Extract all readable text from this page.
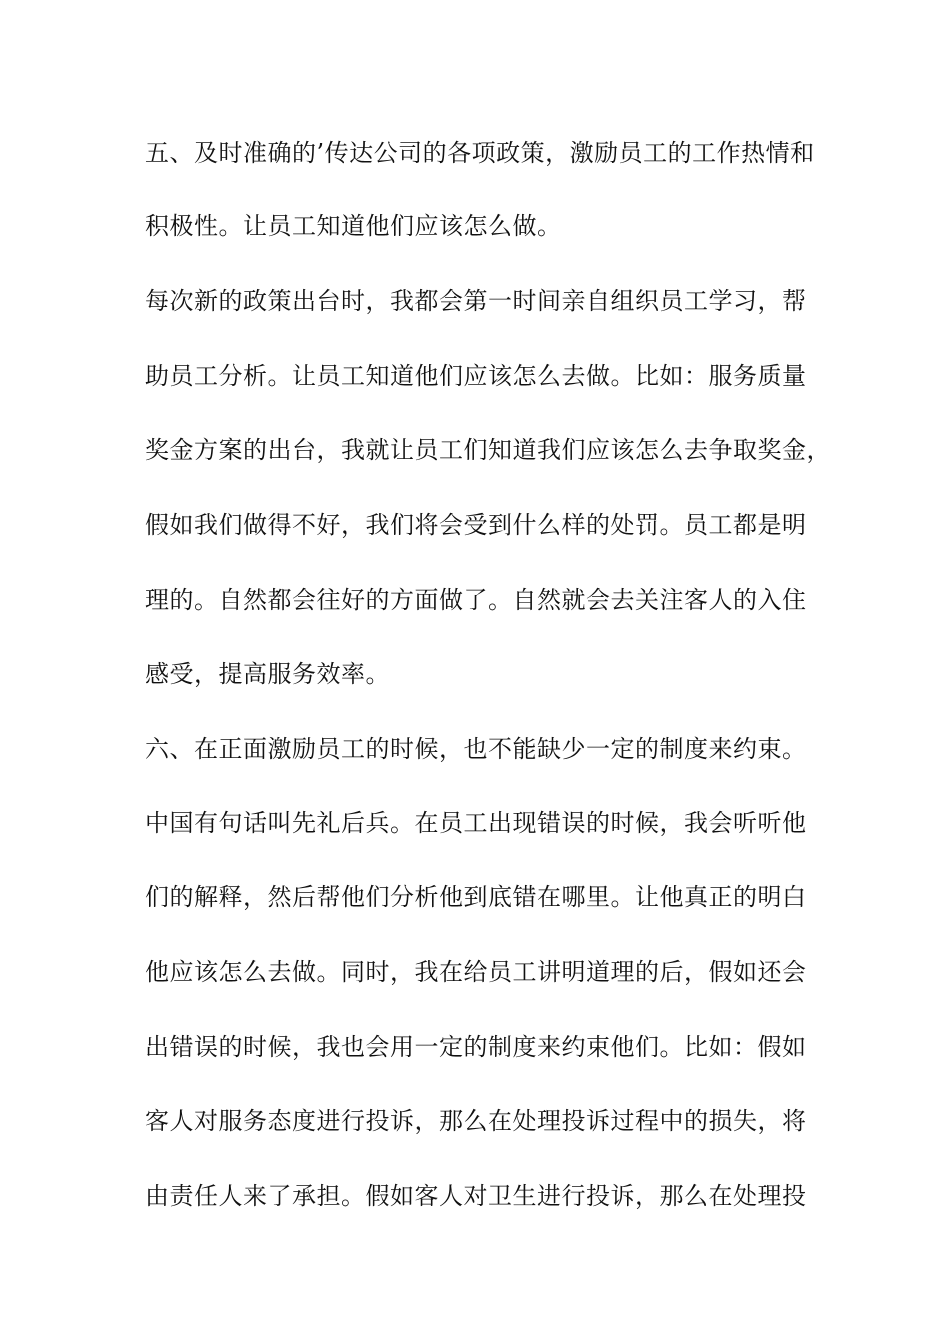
五、及时准确的’传达公司的各项政策，激励员工的工作热情和
积极性。让员工知道他们应该怎么做。
每次新的政策出台时，我都会第一时间亲自组织员工学习，帮
助员工分析。让员工知道他们应该怎么去做。比如：服务质量
奖金方案的出台，我就让员工们知道我们应该怎么去争取奖金，
假如我们做得不好，我们将会受到什么样的处罚。员工都是明
理的。自然都会往好的方面做了。自然就会去关注客人的入住
感受，提高服务效率。
六、在正面激励员工的时候，也不能缺少一定的制度来约束。
中国有句话叫先礼后兵。在员工出现错误的时候，我会听听他
们的解释，然后帮他们分析他到底错在哪里。让他真正的明白
他应该怎么去做。同时，我在给员工讲明道理的后，假如还会
出错误的时候，我也会用一定的制度来约束他们。比如：假如
客人对服务态度进行投诉，那么在处理投诉过程中的损失，将
由责任人来了承担。假如客人对卫生进行投诉，那么在处理投
